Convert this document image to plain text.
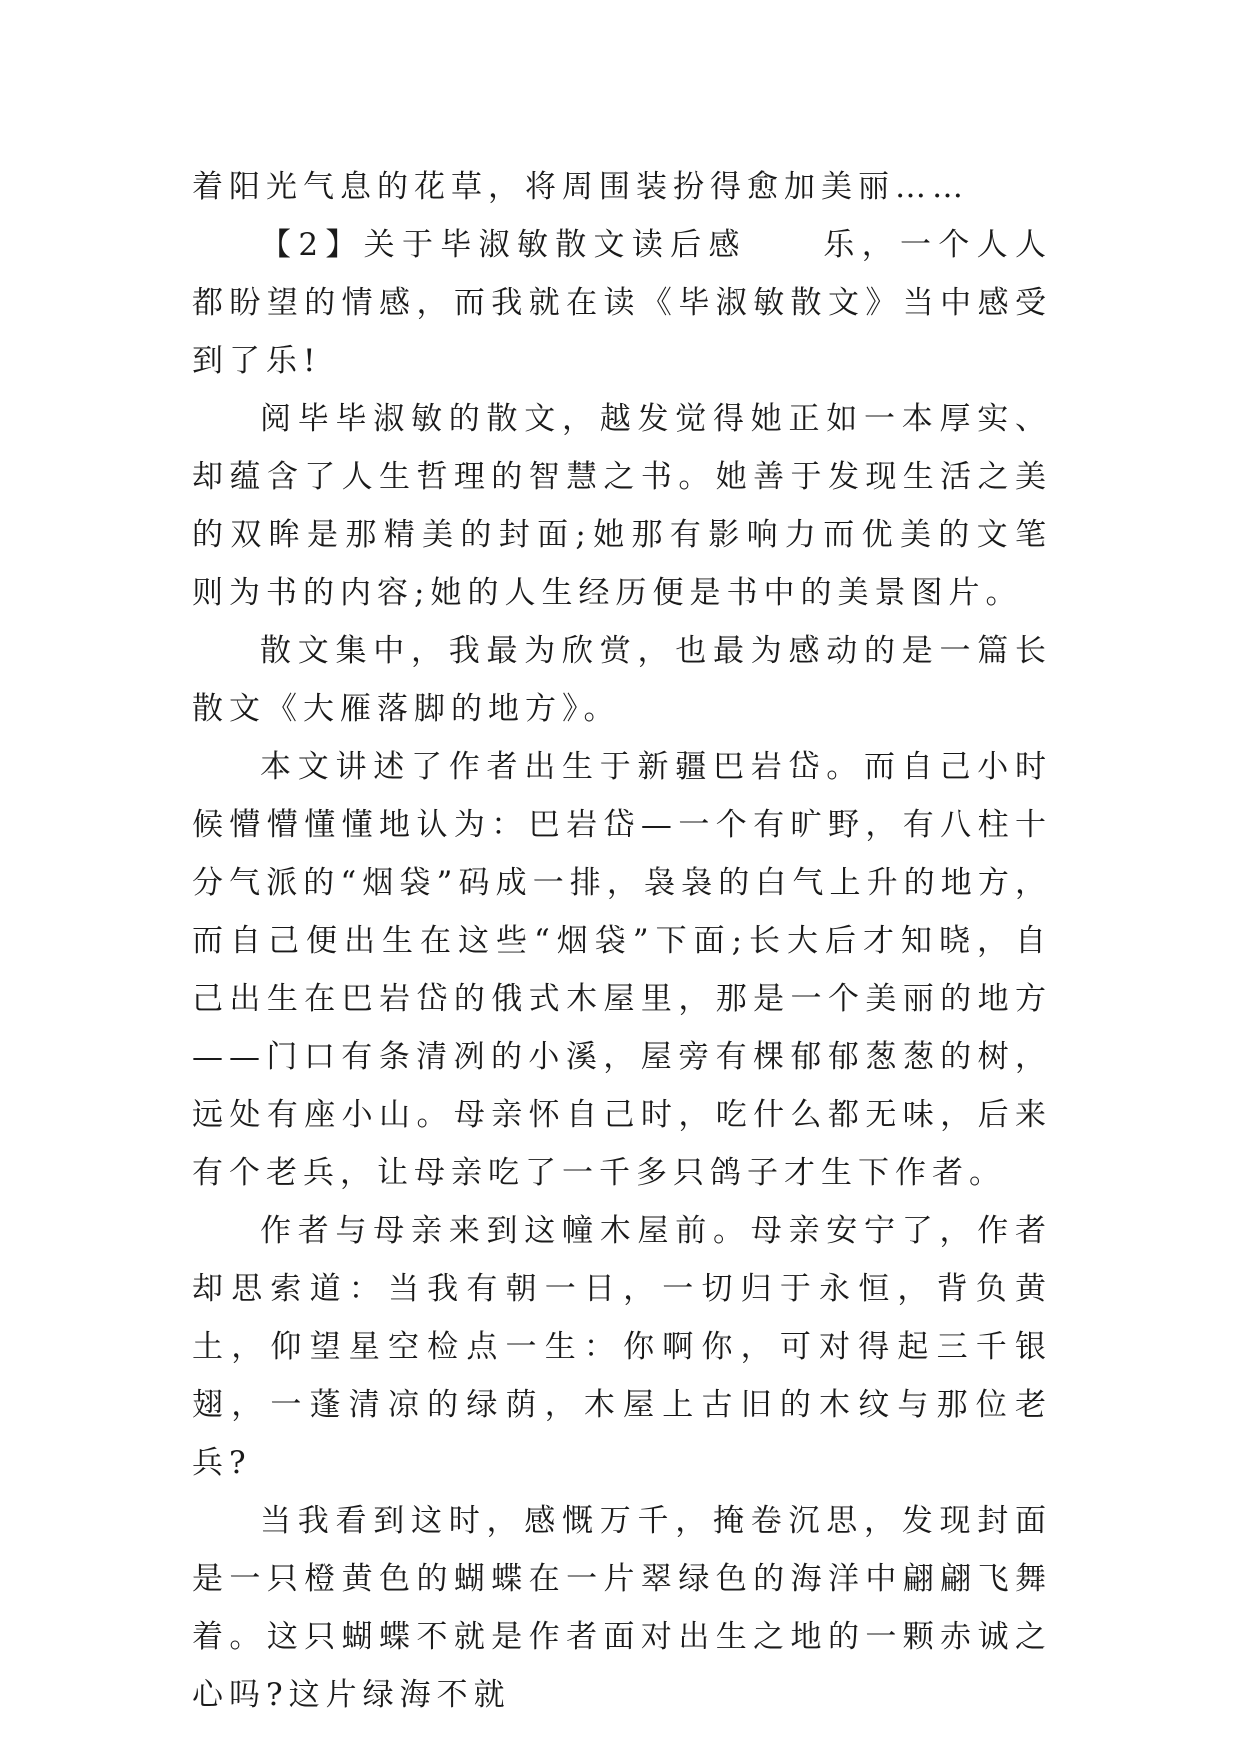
着阳光气息的花草，将周围装扮得愈加美丽……

【2】关于毕淑敏散文读后感　　乐，一个人人都盼望的情感，而我就在读《毕淑敏散文》当中感受到了乐!

阅毕毕淑敏的散文，越发觉得她正如一本厚实、却蕴含了人生哲理的智慧之书。她善于发现生活之美的双眸是那精美的封面;她那有影响力而优美的文笔则为书的内容;她的人生经历便是书中的美景图片。

散文集中，我最为欣赏，也最为感动的是一篇长散文《大雁落脚的地方》。

本文讲述了作者出生于新疆巴岩岱。而自己小时候懵懵懂懂地认为：巴岩岱—一个有旷野，有八柱十分气派的“烟袋”码成一排，袅袅的白气上升的地方，而自己便出生在这些“烟袋”下面;长大后才知晓，自己出生在巴岩岱的俄式木屋里，那是一个美丽的地方——门口有条清冽的小溪，屋旁有棵郁郁葱葱的树，远处有座小山。母亲怀自己时，吃什么都无味，后来有个老兵，让母亲吃了一千多只鸽子才生下作者。

作者与母亲来到这幢木屋前。母亲安宁了，作者却思索道：当我有朝一日，一切归于永恒，背负黄土，仰望星空检点一生：你啊你，可对得起三千银翅，一蓬清凉的绿荫，木屋上古旧的木纹与那位老兵?

当我看到这时，感慨万千，掩卷沉思，发现封面是一只橙黄色的蝴蝶在一片翠绿色的海洋中翩翩飞舞着。这只蝴蝶不就是作者面对出生之地的一颗赤诚之心吗?这片绿海不就
